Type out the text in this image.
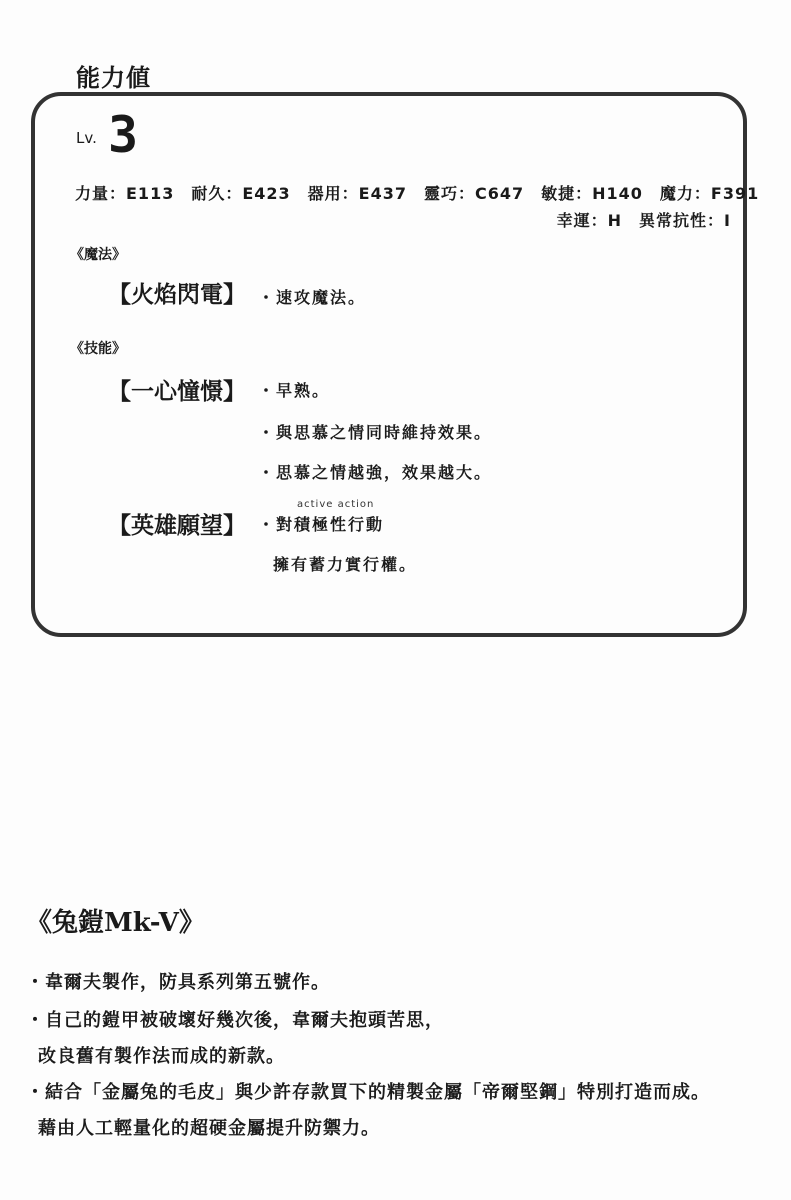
能力値
Lv. 3
力量：E113　耐久：E423　器用：E437　靈巧：C647　敏捷：H140　魔力：F391
幸運：H　異常抗性：I
《魔法》
【火焰閃電】 ・速攻魔法。
《技能》
【一心憧憬】 ・早熟。
・與思慕之情同時維持效果。
・思慕之情越強，效果越大。
【英雄願望】
active action
・對積極性行動
擁有蓄力實行權。
《兔鎧Mk-V》
・韋爾夫製作，防具系列第五號作。
・自己的鎧甲被破壞好幾次後，韋爾夫抱頭苦思，
改良舊有製作法而成的新款。
・結合「金屬兔的毛皮」與少許存款買下的精製金屬「帝爾堅鋼」特別打造而成。
藉由人工輕量化的超硬金屬提升防禦力。
